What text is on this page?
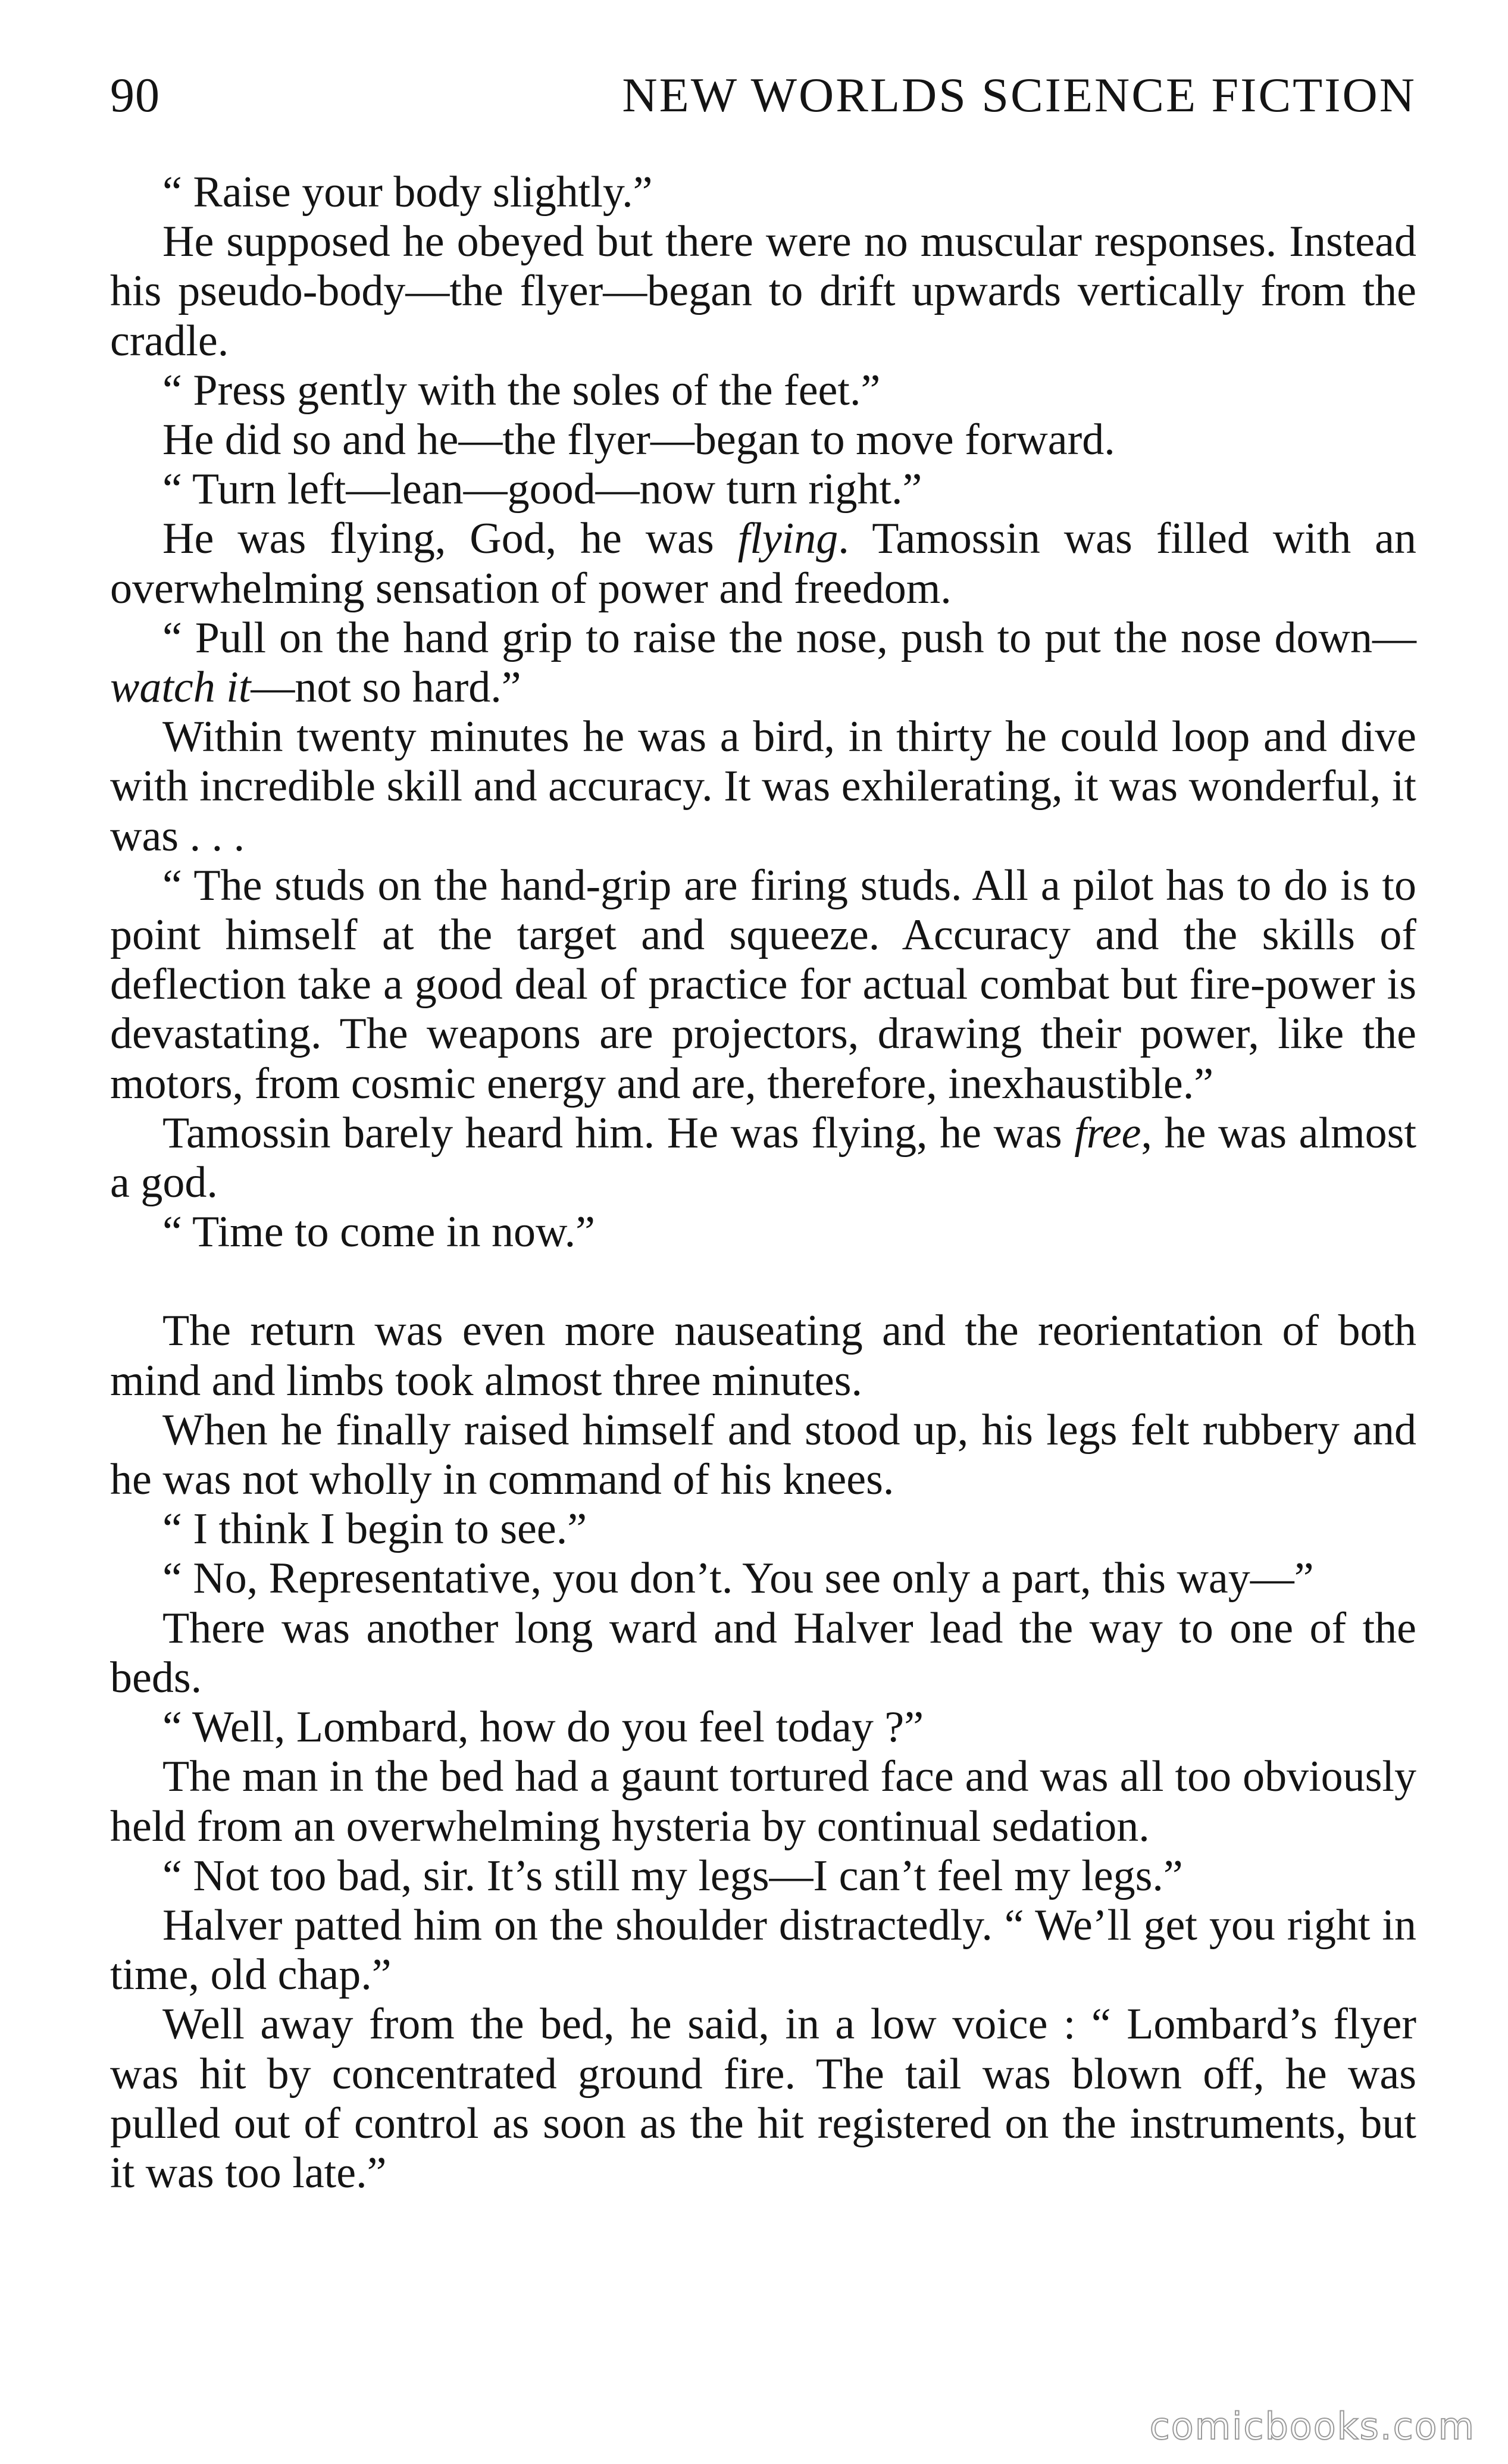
90	NEW WORLDS SCIENCE FICTION

“ Raise your body slightly.”

He supposed he obeyed but there were no muscular responses. Instead his pseudo-body—the flyer—began to drift upwards vertically from the cradle.

“ Press gently with the soles of the feet.”

He did so and he—the flyer—began to move forward.

“ Turn left—lean—good—now turn right.”

He was flying, God, he was flying. Tamossin was filled with an overwhelming sensation of power and freedom.

“ Pull on the hand grip to raise the nose, push to put the nose down—watch it—not so hard.”

Within twenty minutes he was a bird, in thirty he could loop and dive with incredible skill and accuracy. It was exhilerating, it was wonderful, it was . . .

“ The studs on the hand-grip are firing studs. All a pilot has to do is to point himself at the target and squeeze. Accuracy and the skills of deflection take a good deal of practice for actual combat but fire-power is devastating. The weapons are projectors, drawing their power, like the motors, from cosmic energy and are, therefore, inexhaustible.”

Tamossin barely heard him. He was flying, he was free, he was almost a god.

“ Time to come in now.”

The return was even more nauseating and the reorientation of both mind and limbs took almost three minutes.

When he finally raised himself and stood up, his legs felt rubbery and he was not wholly in command of his knees.

“ I think I begin to see.”

“ No, Representative, you don’t. You see only a part, this way—”

There was another long ward and Halver lead the way to one of the beds.

“ Well, Lombard, how do you feel today ?”

The man in the bed had a gaunt tortured face and was all too obviously held from an overwhelming hysteria by continual sedation.

“ Not too bad, sir. It’s still my legs—I can’t feel my legs.”

Halver patted him on the shoulder distractedly. “ We’ll get you right in time, old chap.”

Well away from the bed, he said, in a low voice : “ Lombard’s flyer was hit by concentrated ground fire. The tail was blown off, he was pulled out of control as soon as the hit registered on the instruments, but it was too late.”

comicbooks.com
